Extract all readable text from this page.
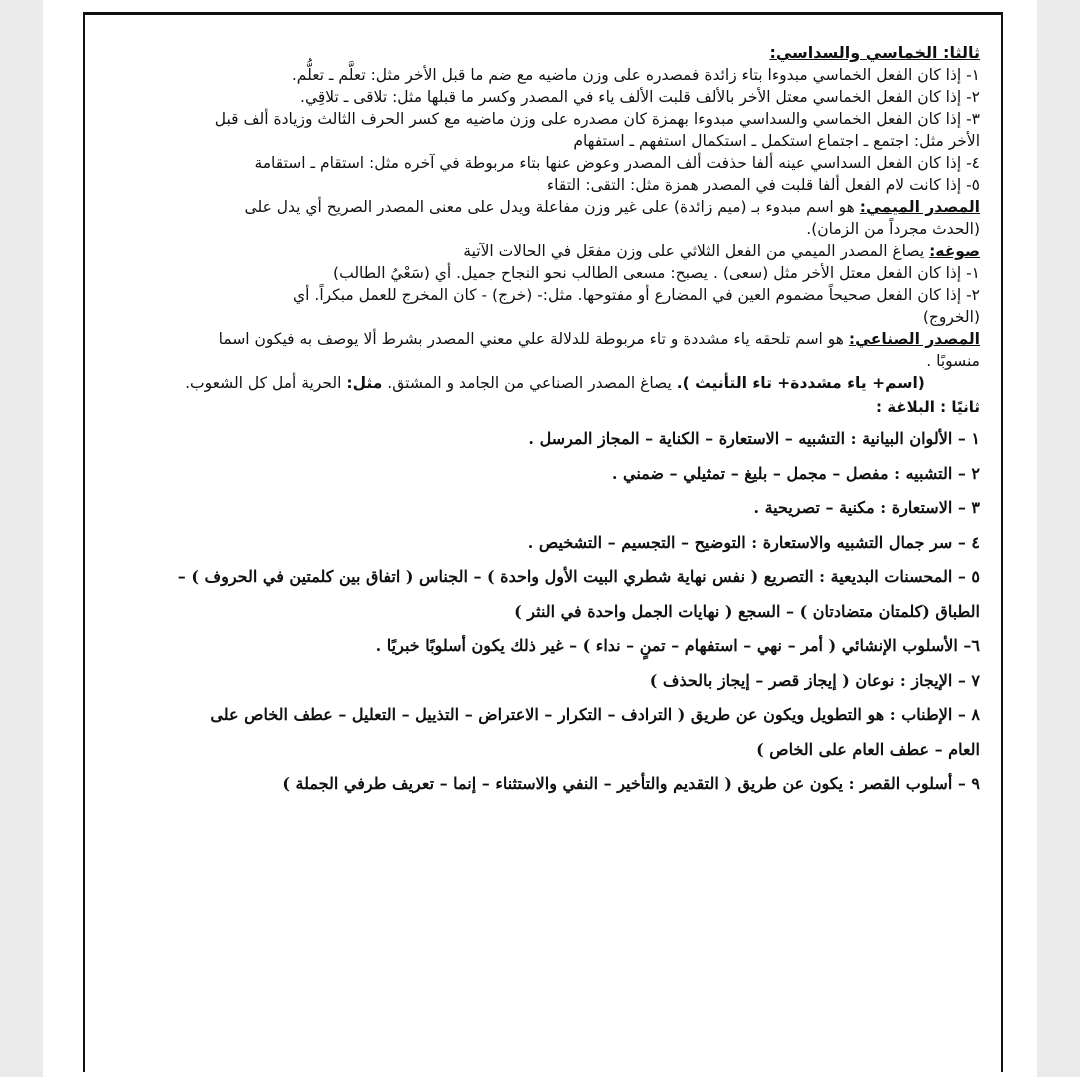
ثالثا: الخماسي والسداسي:
١- إذا كان الفعل الخماسي مبدوءا بتاء زائدة فمصدره على وزن ماضيه مع ضم ما قبل الأخر مثل: تعلَّم ـ تعلُّم.
٢- إذا كان الفعل الخماسي معتل الأخر بالألف قلبت الألف ياء في المصدر وكسر ما قبلها مثل: تلاقى ـ تلاقِي.
٣- إذا كان الفعل الخماسي والسداسي مبدوءا بهمزة كان مصدره على وزن ماضيه مع كسر الحرف الثالث وزيادة ألف قبل
الأخر مثل: اجتمع ـ اجتماع استكمل ـ استكمال استفهم ـ استفهام
٤- إذا كان الفعل السداسي عينه ألفا حذفت ألف المصدر وعوض عنها بتاء مربوطة في آخره مثل: استقام ـ استقامة
٥- إذا كانت لام الفعل ألفا قلبت في المصدر همزة مثل: التقى: التقاء
المصدر الميمي: هو اسم مبدوء بـ (ميم زائدة) على غير وزن مفاعلة ويدل على معنى المصدر الصريح أي يدل على
(الحدث مجرداً من الزمان).
صوغه: يصاغ المصدر الميمي من الفعل الثلاثي على وزن مفعَل في الحالات الآتية
١- إذا كان الفعل معتل الأخر مثل (سعى) . يصبح: مسعى الطالب نحو النجاح جميل. أي (سَعْيُ الطالب)
٢- إذا كان الفعل صحيحاً مضموم العين في المضارع أو مفتوحها. مثل:- (خرج) - كان المخرج للعمل مبكراً. أي
(الخروج)
المصدر الصناعي: هو اسم تلحقه ياء مشددة و تاء مربوطة للدلالة علي معني المصدر بشرط ألا يوصف به فيكون اسما
منسوبًا .
(اسم+ ياء مشددة+ تاء التأنيث ). يصاغ المصدر الصناعي من الجامد و المشتق. مثل: الحرية أمل كل الشعوب.
ثانيًا : البلاغة :
١ – الألوان البيانية : التشبيه – الاستعارة – الكناية – المجاز المرسل .
٢ – التشبيه : مفصل – مجمل – بليغ – تمثيلي – ضمني .
٣ – الاستعارة : مكنية – تصريحية .
٤ – سر جمال التشبيه والاستعارة : التوضيح – التجسيم – التشخيص .
٥ – المحسنات البديعية : التصريع ( نفس نهاية شطري البيت الأول واحدة ) – الجناس ( اتفاق بين كلمتين في الحروف ) –
الطباق (كلمتان متضادتان ) – السجع ( نهايات الجمل واحدة في النثر )
٦– الأسلوب الإنشائي ( أمر – نهي – استفهام – تمنٍ – نداء ) – غير ذلك يكون أسلوبًا خبريًا .
٧ – الإيجاز : نوعان ( إيجاز قصر – إيجاز بالحذف )
٨ – الإطناب : هو التطويل ويكون عن طريق ( الترادف – التكرار – الاعتراض – التذييل – التعليل – عطف الخاص على
العام – عطف العام على الخاص )
٩ – أسلوب القصر : يكون عن طريق ( التقديم والتأخير – النفي والاستثناء – إنما – تعريف طرفي الجملة )
